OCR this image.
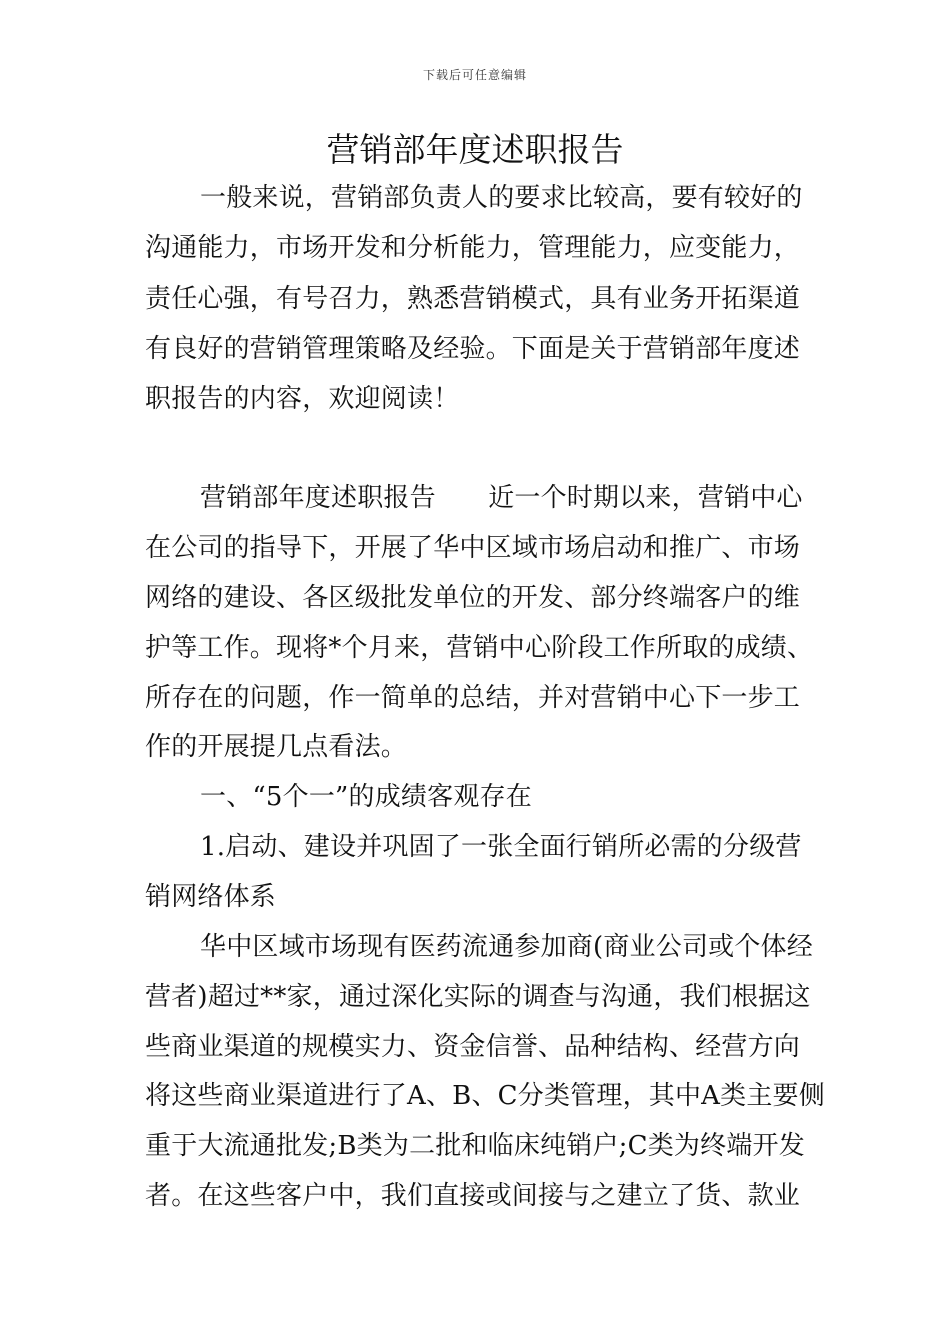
下载后可任意编辑
营销部年度述职报告
一般来说，营销部负责人的要求比较高，要有较好的
沟通能力，市场开发和分析能力，管理能力，应变能力，
责任心强，有号召力，熟悉营销模式，具有业务开拓渠道
有良好的营销管理策略及经验。下面是关于营销部年度述
职报告的内容，欢迎阅读！
营销部年度述职报告　　近一个时期以来，营销中心
在公司的指导下，开展了华中区域市场启动和推广、市场
网络的建设、各区级批发单位的开发、部分终端客户的维
护等工作。现将*个月来，营销中心阶段工作所取的成绩、
所存在的问题，作一简单的总结，并对营销中心下一步工
作的开展提几点看法。
一、“5个一”的成绩客观存在
1.启动、建设并巩固了一张全面行销所必需的分级营
销网络体系
华中区域市场现有医药流通参加商(商业公司或个体经
营者)超过**家，通过深化实际的调查与沟通，我们根据这
些商业渠道的规模实力、资金信誉、品种结构、经营方向
将这些商业渠道进行了A、B、C分类管理，其中A类主要侧
重于大流通批发;B类为二批和临床纯销户;C类为终端开发
者。在这些客户中，我们直接或间接与之建立了货、款业
